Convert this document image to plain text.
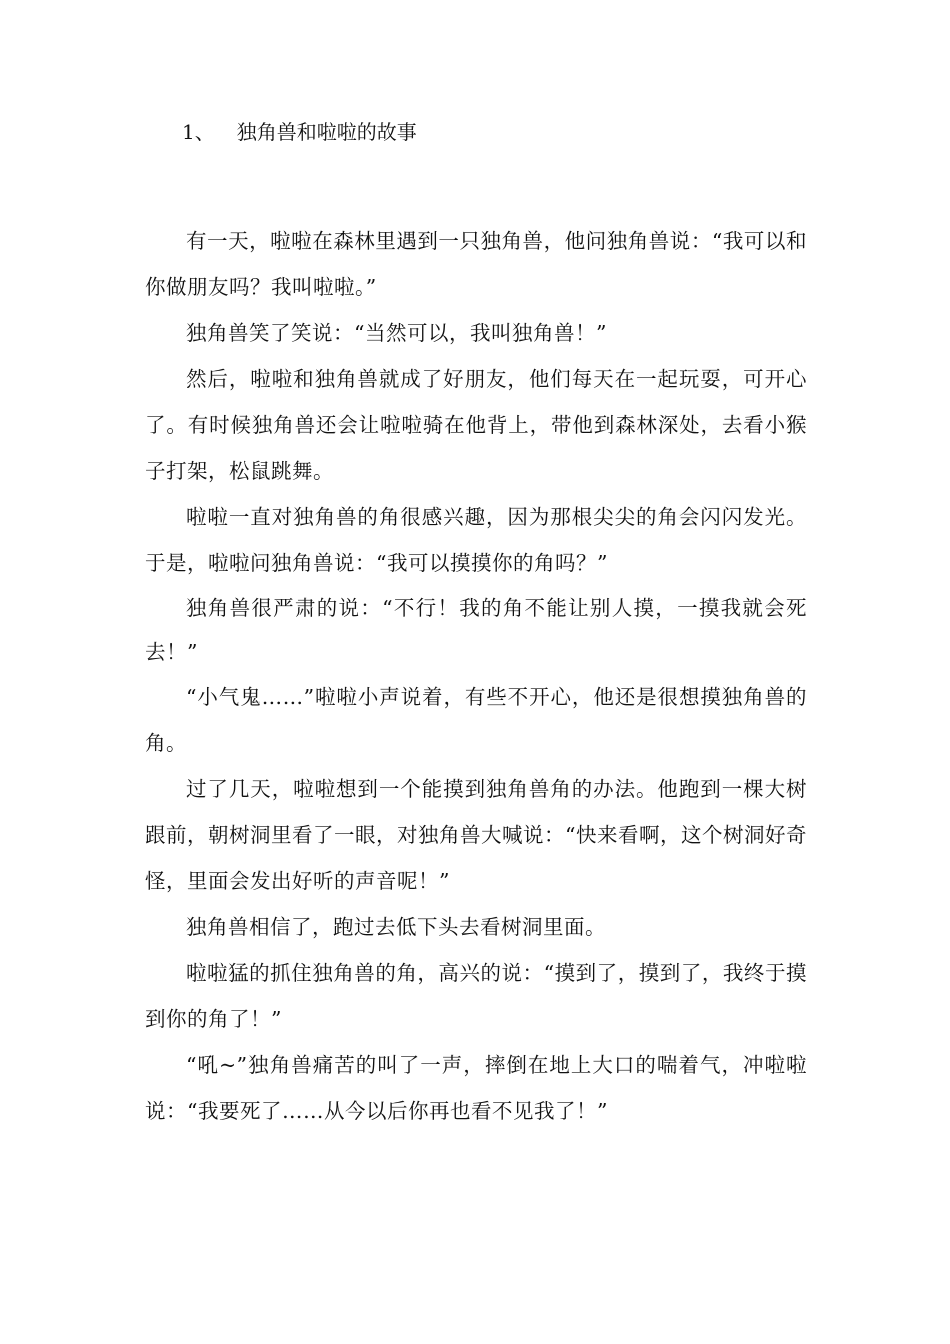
1、 独角兽和啦啦的故事

有一天，啦啦在森林里遇到一只独角兽，他问独角兽说：“我可以和你做朋友吗？我叫啦啦。”

独角兽笑了笑说：“当然可以，我叫独角兽！”

然后，啦啦和独角兽就成了好朋友，他们每天在一起玩耍，可开心了。有时候独角兽还会让啦啦骑在他背上，带他到森林深处，去看小猴子打架，松鼠跳舞。

啦啦一直对独角兽的角很感兴趣，因为那根尖尖的角会闪闪发光。于是，啦啦问独角兽说：“我可以摸摸你的角吗？”

独角兽很严肃的说：“不行！我的角不能让别人摸，一摸我就会死去！”

“小气鬼……”啦啦小声说着，有些不开心，他还是很想摸独角兽的角。

过了几天，啦啦想到一个能摸到独角兽角的办法。他跑到一棵大树跟前，朝树洞里看了一眼，对独角兽大喊说：“快来看啊，这个树洞好奇怪，里面会发出好听的声音呢！”

独角兽相信了，跑过去低下头去看树洞里面。

啦啦猛的抓住独角兽的角，高兴的说：“摸到了，摸到了，我终于摸到你的角了！”

“吼~”独角兽痛苦的叫了一声，摔倒在地上大口的喘着气，冲啦啦说：“我要死了……从今以后你再也看不见我了！”
